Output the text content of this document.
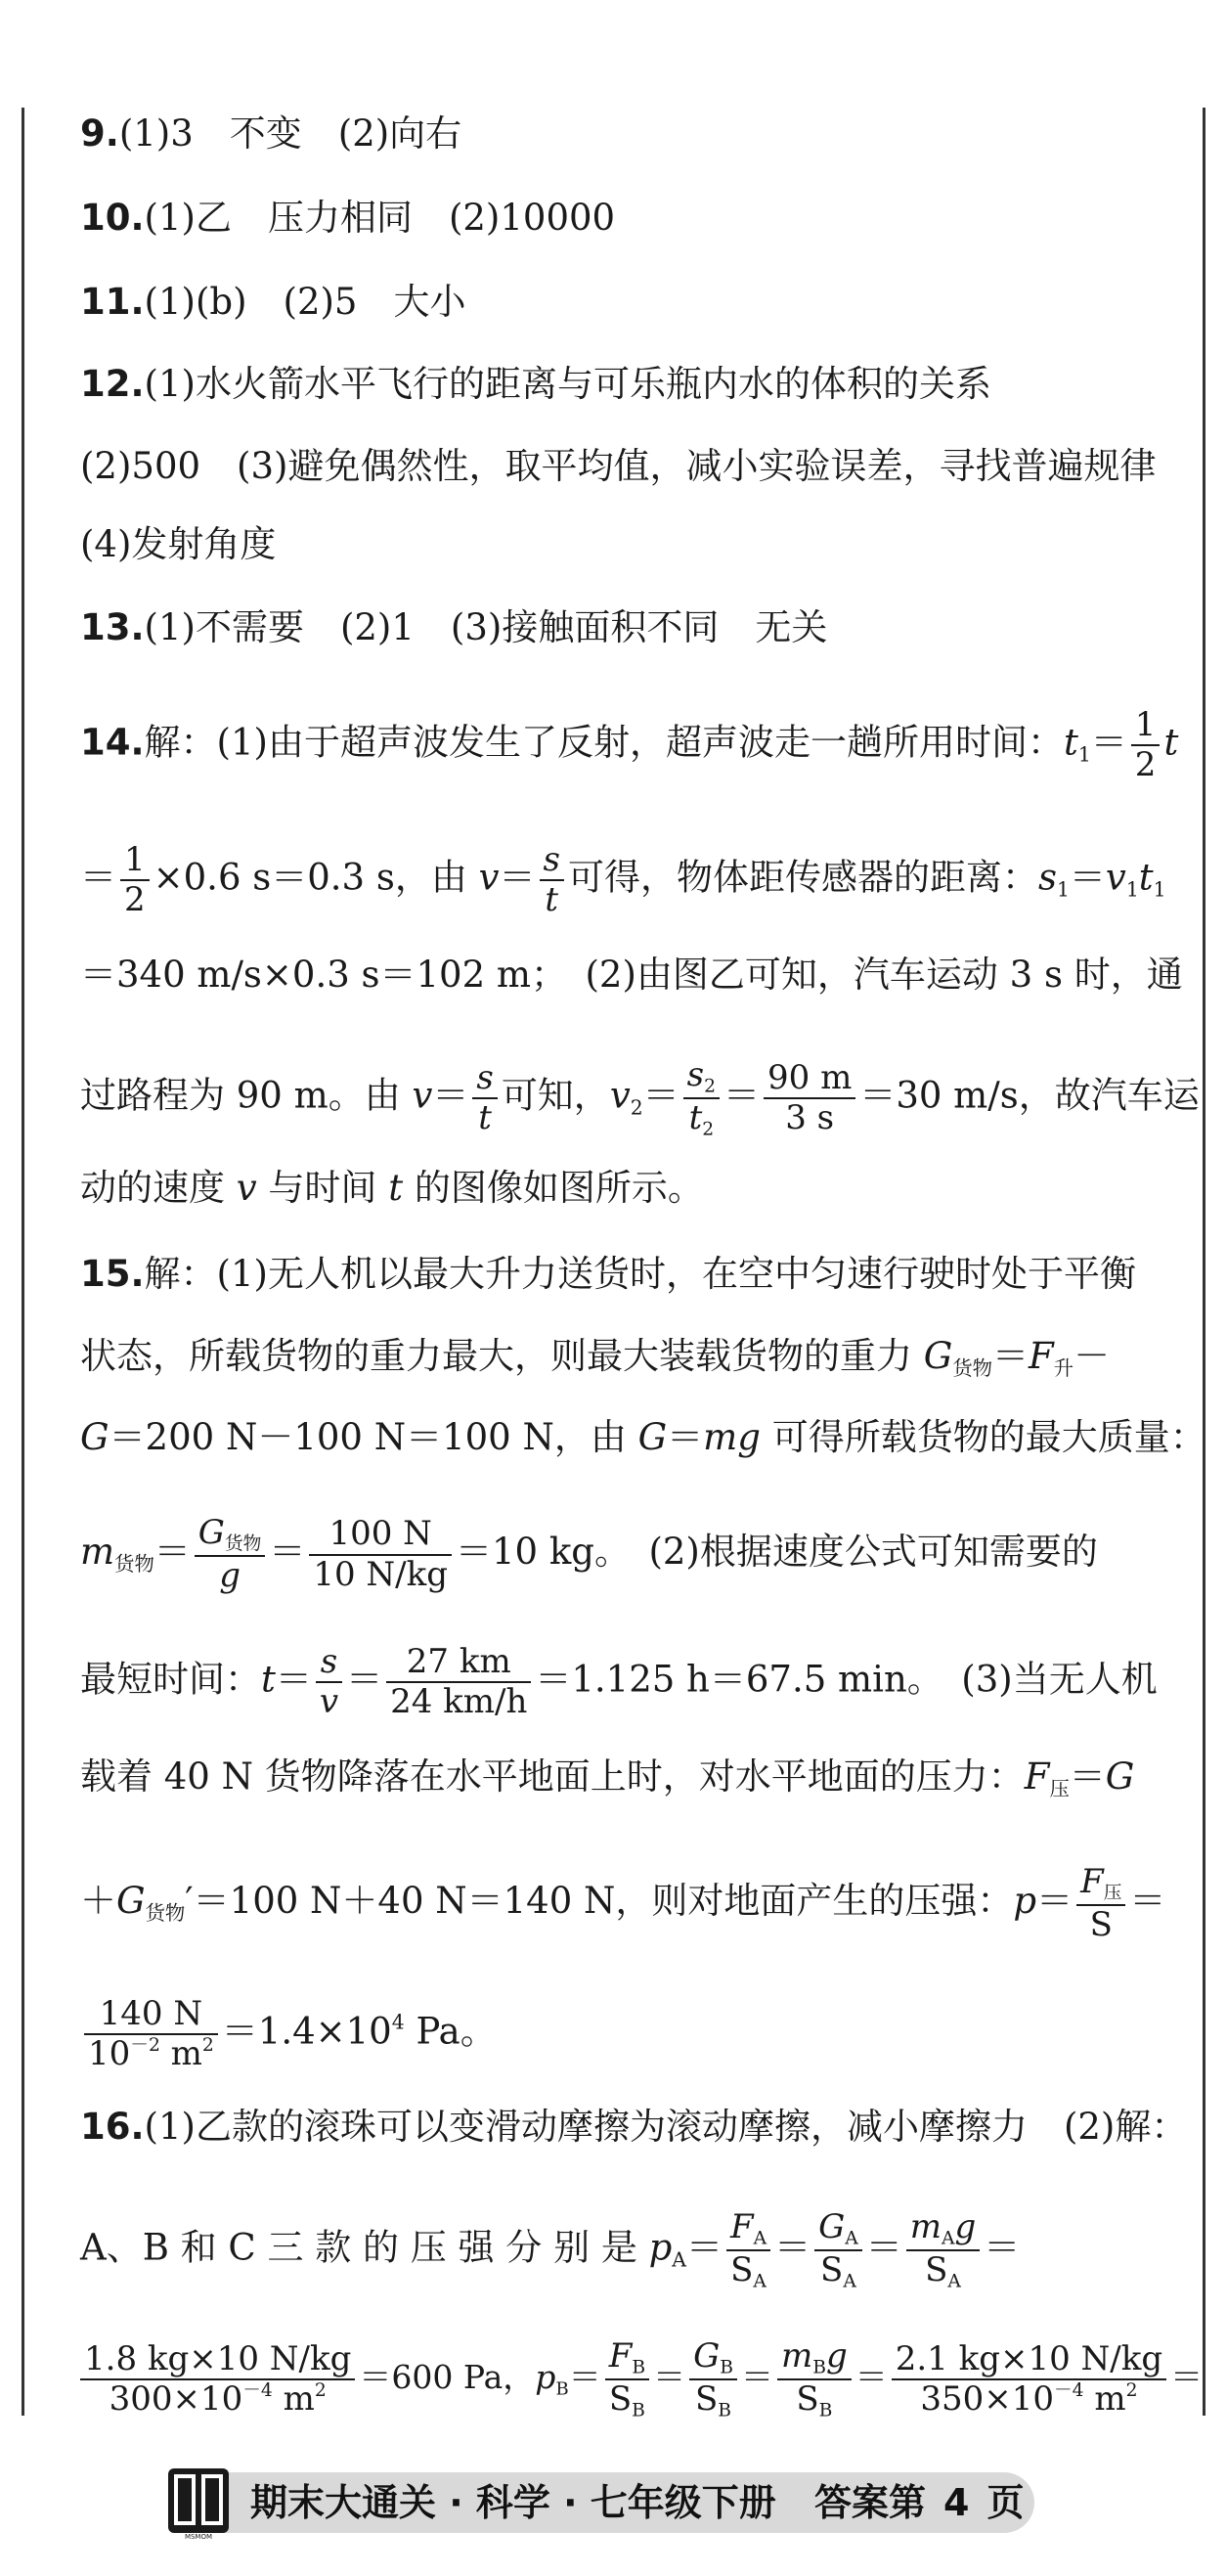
9.(1)3　不变　(2)向右
10.(1)乙　压力相同　(2)10000
11.(1)(b)　(2)5　大小
12.(1)水火箭水平飞行的距离与可乐瓶内水的体积的关系
(2)500　(3)避免偶然性，取平均值，减小实验误差，寻找普遍规律
(4)发射角度
13.(1)不需要　(2)1　(3)接触面积不同　无关
14.解：(1)由于超声波发生了反射，超声波走一趟所用时间：$t_1= \frac{1}{2}$ t
＝ $\frac{1}{2} \times 0.6$ s＝0.3 s，由 $v= \frac{s}{t}$ 可得，物体距传感器的距离：$s_1=v_1t_1$
＝340 m/s×0.3 s＝102 m；　(2)由图乙可知，汽车运动 3 s 时，通
过路程为 90 m。由 $v= \frac{s}{t}$ 可知，$v_2= \frac{s_2}{t_2} = \frac{90 m}{3 s} =30$ m/s，故汽车运
动的速度 v 与时间 t 的图像如图所示。
15.解：(1)无人机以最大升力送货时，在空中匀速行驶时处于平衡
状态，所载货物的重力最大，则最大装载货物的重力 $G_{货物}=F_升-$
G＝200 N－100 N＝100 N，由 G＝mg 可得所载货物的最大质量：
$m_{货物}= \frac{G_{货物}}{g} = \frac{100 N}{10 N/kg} =10$ kg。　(2)根据速度公式可知需要的
最短时间：$t= \frac{s}{v} = \frac{27 km}{24 km/h} =1.125$ h＝67.5 min。　(3)当无人机
载着 40 N 货物降落在水平地面上时，对水平地面的压力：$F_压=G$
$+G_{货物}'=100$ N＋40 N＝140 N，则对地面产生的压强：$p= \frac{F_压}{S}$ ＝
$\frac{140 N}{10^{-2} m^2} =1.4\times 10^4$ Pa。
16.(1)乙款的滚珠可以变滑动摩擦为滚动摩擦，减小摩擦力　(2)解：
A、B 和 C 三 款 的 压 强 分 别 是 $p_A= \frac{F_A}{S_A} = \frac{G_A}{S_A} = \frac{m_Ag}{S_A}$ ＝
$\frac{1.8 kg\times 10 N/kg}{300\times 10^{-4} m^2} =600$ Pa，$p_B= \frac{F_B}{S_B} = \frac{G_B}{S_B} = \frac{m_Bg}{S_B} = \frac{2.1 kg\times 10 N/kg}{350\times 10^{-4} m^2}$ ＝
MSMOM
期末大通关 · 科学 · 七年级下册 答案第 4 页
